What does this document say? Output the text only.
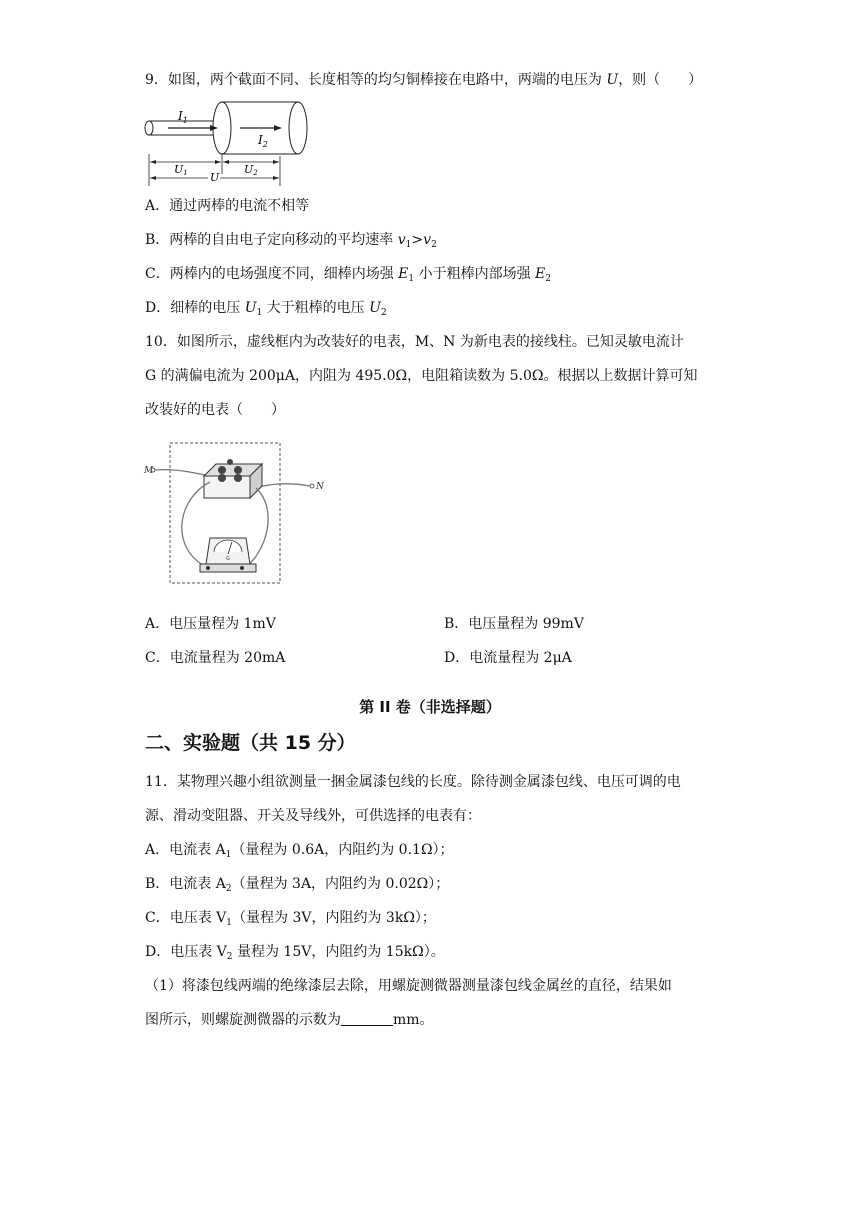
9．如图，两个截面不同、长度相等的均匀铜棒接在电路中，两端的电压为 U，则（　　）
$I_1$
$I_2$
U1	U2
U
A．通过两棒的电流不相等
B．两棒的自由电子定向移动的平均速率 $v_1>v_2$
C．两棒内的电场强度不同，细棒内场强 $E_1$ 小于粗棒内部场强 $E_2$
D．细棒的电压 $U_1$ 大于粗棒的电压 $U_2$
10．如图所示，虚线框内为改装好的电表，M、N 为新电表的接线柱。已知灵敏电流计
G 的满偏电流为 200μA，内阻为 495.0Ω，电阻箱读数为 5.0Ω。根据以上数据计算可知
改装好的电表（　　）
M
N
G
A．电压量程为 1mV	B．电压量程为 99mV
C．电流量程为 20mA	D．电流量程为 2μA
第 II 卷（非选择题）
二、实验题（共 15 分）
11．某物理兴趣小组欲测量一捆金属漆包线的长度。除待测金属漆包线、电压可调的电
源、滑动变阻器、开关及导线外，可供选择的电表有：
A．电流表 $A_1$（量程为 0.6A，内阻约为 0.1Ω）；
B．电流表 $A_2$（量程为 3A，内阻约为 0.02Ω）；
C．电压表 $V_1$（量程为 3V，内阻约为 3kΩ）；
D．电压表 $V_2$ 量程为 15V，内阻约为 15kΩ）。
（1）将漆包线两端的绝缘漆层去除，用螺旋测微器测量漆包线金属丝的直径，结果如
图所示，则螺旋测微器的示数为	mm。
